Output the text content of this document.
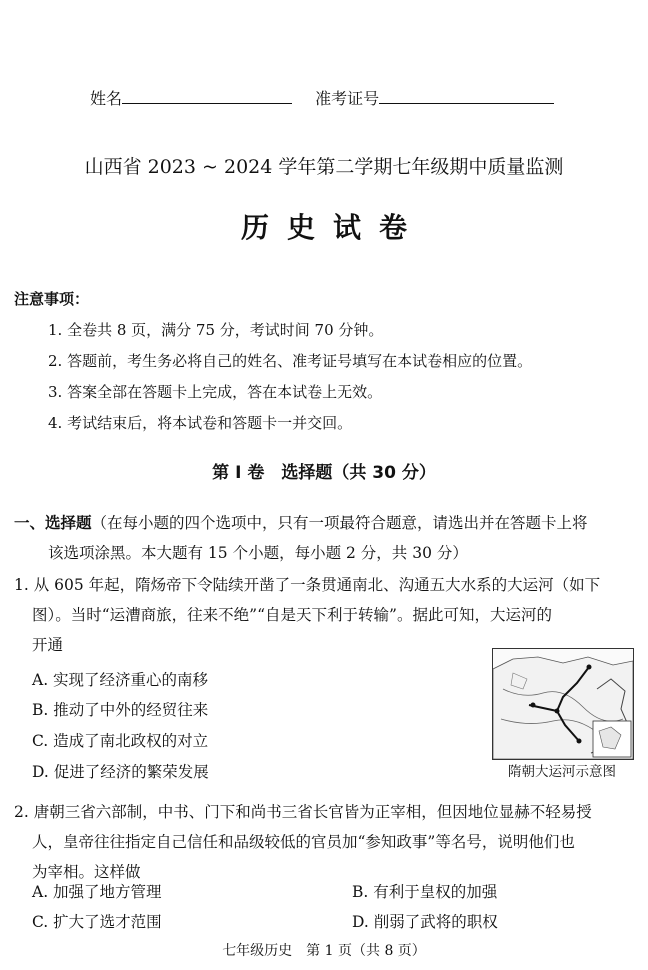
姓名	准考证号
山西省 2023 ~ 2024 学年第二学期七年级期中质量监测
历史试卷
注意事项：
1. 全卷共 8 页，满分 75 分，考试时间 70 分钟。
2. 答题前，考生务必将自己的姓名、准考证号填写在本试卷相应的位置。
3. 答案全部在答题卡上完成，答在本试卷上无效。
4. 考试结束后，将本试卷和答题卡一并交回。
第 Ⅰ 卷　选择题（共 30 分）
一、选择题（在每小题的四个选项中，只有一项最符合题意，请选出并在答题卡上将
该选项涂黑。本大题有 15 个小题，每小题 2 分，共 30 分）
1. 从 605 年起，隋炀帝下令陆续开凿了一条贯通南北、沟通五大水系的大运河（如下
图）。当时“运漕商旅，往来不绝”“自是天下利于转输”。据此可知，大运河的
开通
A. 实现了经济重心的南移
B. 推动了中外的经贸往来
C. 造成了南北政权的对立
D. 促进了经济的繁荣发展	隋朝大运河示意图
2. 唐朝三省六部制，中书、门下和尚书三省长官皆为正宰相，但因地位显赫不轻易授
人，皇帝往往指定自己信任和品级较低的官员加“参知政事”等名号，说明他们也
为宰相。这样做
A. 加强了地方管理	B. 有利于皇权的加强
C. 扩大了选才范围	D. 削弱了武将的职权
七年级历史　第 1 页（共 8 页）
